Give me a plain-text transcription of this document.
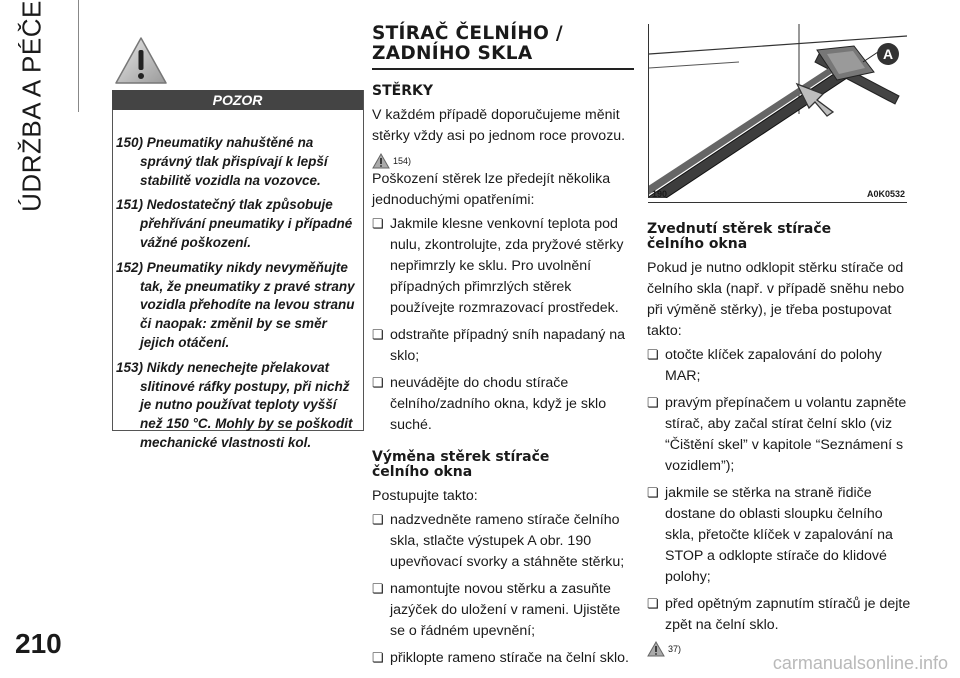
ÚDRŽBA A PÉČE	POZOR
150) Pneumatiky nahuštěné na správný tlak přispívají k lepší stabilitě vozidla na vozovce.
151) Nedostatečný tlak způsobuje přehřívání pneumatiky i případné vážné poškození.
152) Pneumatiky nikdy nevyměňujte tak, že pneumatiky z pravé strany vozidla přehodíte na levou stranu či naopak: změnil by se směr jejich otáčení.
153) Nikdy nenechejte přelakovat slitinové ráfky postupy, při nichž je nutno používat teploty vyšší než 150 °C. Mohly by se poškodit mechanické vlastnosti kol.
STÍRAČ ČELNÍHO /
ZADNÍHO SKLA
STĚRKY

V každém případě doporučujeme měnit stěrky vždy asi po jednom roce provozu.

154)

Poškození stěrek lze předejít několika jednoduchými opatřeními:

❏ Jakmile klesne venkovní teplota pod nulu, zkontrolujte, zda pryžové stěrky nepřimrzly ke sklu. Pro uvolnění případných přimrzlých stěrek používejte rozmrazovací prostředek.
❏ odstraňte případný sníh napadaný na sklo;
❏ neuvádějte do chodu stírače čelního/zadního okna, když je sklo suché.
Výměna stěrek stírače
čelního okna

Postupujte takto:

❏ nadzvedněte rameno stírače čelního skla, stlačte výstupek A obr. 190 upevňovací svorky a stáhněte stěrku;
❏ namontujte novou stěrku a zasuňte jazýček do uložení v rameni. Ujistěte se o řádném upevnění;
❏ přiklopte rameno stírače na čelní sklo.
A
190	A0K0532
Zvednutí stěrek stírače
čelního okna

Pokud je nutno odklopit stěrku stírače od čelního skla (např. v případě sněhu nebo při výměně stěrky), je třeba postupovat takto:

❏ otočte klíček zapalování do polohy MAR;
❏ pravým přepínačem u volantu zapněte stírač, aby začal stírat čelní sklo (viz “Čištění skel” v kapitole “Seznámení s vozidlem”);
❏ jakmile se stěrka na straně řidiče dostane do oblasti sloupku čelního skla, přetočte klíček v zapalování na STOP a odklopte stírače do klidové polohy;
❏ před opětným zapnutím stíračů je dejte zpět na čelní sklo.
37)
210
carmanualsonline.info
